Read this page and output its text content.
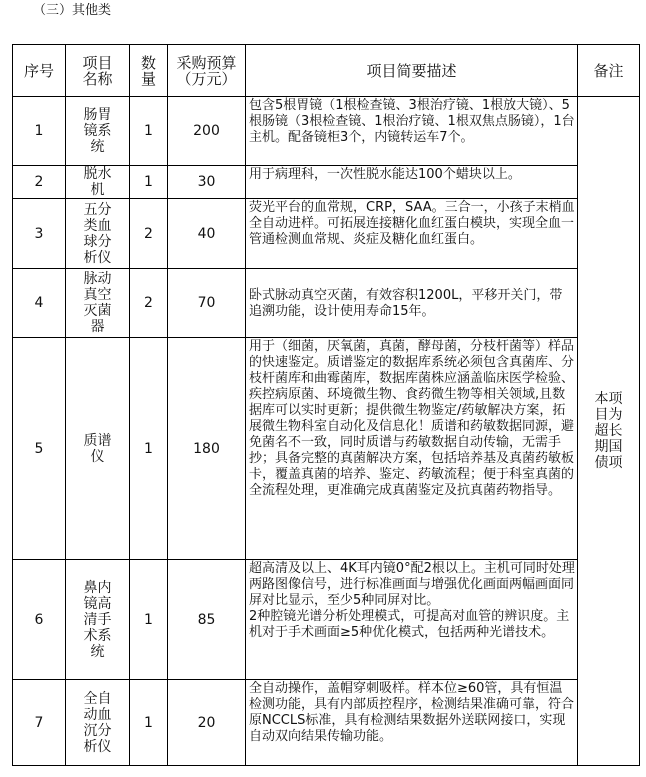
（三）其他类
序号	项目名称	数量	采购预算（万元）	项目简要描述	备注
1	肠胃镜系统	1	200	包含5根胃镜（1根检查镜、3根治疗镜、1根放大镜）、5根肠镜（3根检查镜、1根治疗镜、1根双焦点肠镜），1台主机。配备镜柜3个，内镜转运车7个。	本项目为超长期国债项
2	脱水机	1	30	用于病理科，一次性脱水能达100个蜡块以上。	

3	五分类血球分析仪	2	40	荧光平台的血常规，CRP，SAA。三合一，小孩子末梢血全自动进样。可拓展连接糖化血红蛋白模块，实现全血一管通检测血常规、炎症及糖化血红蛋白。	

4	脉动真空灭菌器	2	70	卧式脉动真空灭菌，有效容积1200L，平移开关门，带追溯功能，设计使用寿命15年。	

5	质谱仪	1	180	用于（细菌，厌氧菌，真菌，酵母菌，分枝杆菌等）样品的快速鉴定。质谱鉴定的数据库系统必须包含真菌库、分枝杆菌库和曲霉菌库，数据库菌株应涵盖临床医学检验、疾控病原菌、环境微生物、食药微生物等相关领域,且数据库可以实时更新；提供微生物鉴定/药敏解决方案，拓展微生物科室自动化及信息化！质谱和药敏数据同源，避免菌名不一致，同时质谱与药敏数据自动传输，无需手抄；具备完整的真菌解决方案，包括培养基及真菌药敏板卡，覆盖真菌的培养、鉴定、药敏流程；便于科室真菌的全流程处理，更准确完成真菌鉴定及抗真菌药物指导。	

6	鼻内镜高清手术系统	1	85	超高清及以上、4K耳内镜0°配2根以上。主机可同时处理两路图像信号，进行标准画面与增强优化画面两幅画面同屏对比显示，至少5种同屏对比。
2种腔镜光谱分析处理模式，可提高对血管的辨识度。主机对于手术画面≥5种优化模式，包括两种光谱技术。	

7	全自动血沉分析仪	1	20	全自动操作，盖帽穿刺吸样。样本位≥60管，具有恒温检测功能，具有内部质控程序，检测结果准确可靠，符合原NCCLS标准，具有检测结果数据外送联网接口，实现自动双向结果传输功能。	
